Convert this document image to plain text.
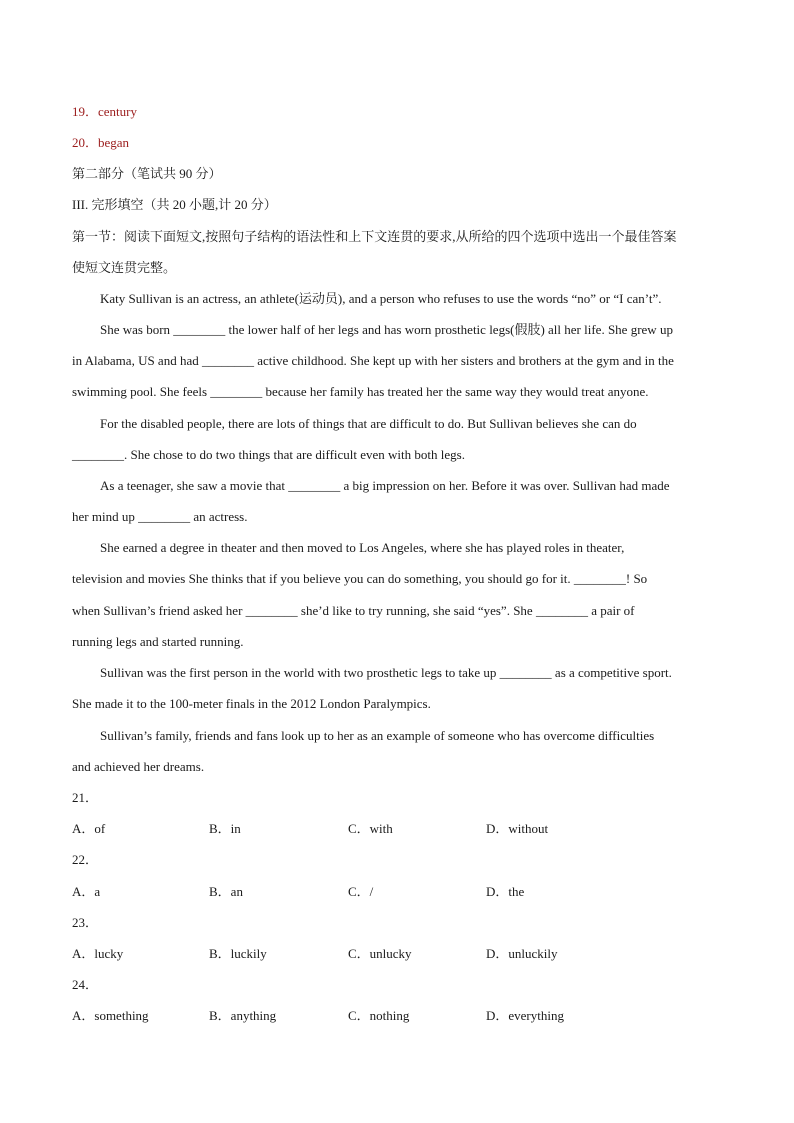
19．century
20．began
第二部分（笔试共 90 分）
III. 完形填空（共 20 小题,计 20 分）
第一节：阅读下面短文,按照句子结构的语法性和上下文连贯的要求,从所给的四个选项中选出一个最佳答案
使短文连贯完整。
Katy Sullivan is an actress, an athlete(运动员), and a person who refuses to use the words “no” or “I can’t”.
She was born ________ the lower half of her legs and has worn prosthetic legs(假肢) all her life. She grew up
in Alabama, US and had ________ active childhood. She kept up with her sisters and brothers at the gym and in the
swimming pool. She feels ________ because her family has treated her the same way they would treat anyone.
For the disabled people, there are lots of things that are difficult to do. But Sullivan believes she can do
________. She chose to do two things that are difficult even with both legs.
As a teenager, she saw a movie that ________ a big impression on her. Before it was over. Sullivan had made
her mind up ________ an actress.
She earned a degree in theater and then moved to Los Angeles, where she has played roles in theater,
television and movies She thinks that if you believe you can do something, you should go for it. ________! So
when Sullivan’s friend asked her ________ she’d like to try running, she said “yes”. She ________ a pair of
running legs and started running.
Sullivan was the first person in the world with two prosthetic legs to take up ________ as a competitive sport.
She made it to the 100-meter finals in the 2012 London Paralympics.
Sullivan’s family, friends and fans look up to her as an example of someone who has overcome difficulties
and achieved her dreams.
21．
A．of	B．in	C．with	D．without
22．
A．a	B．an	C．/	D．the
23．
A．lucky	B．luckily	C．unlucky	D．unluckily
24．
A．something	B．anything	C．nothing	D．everything
